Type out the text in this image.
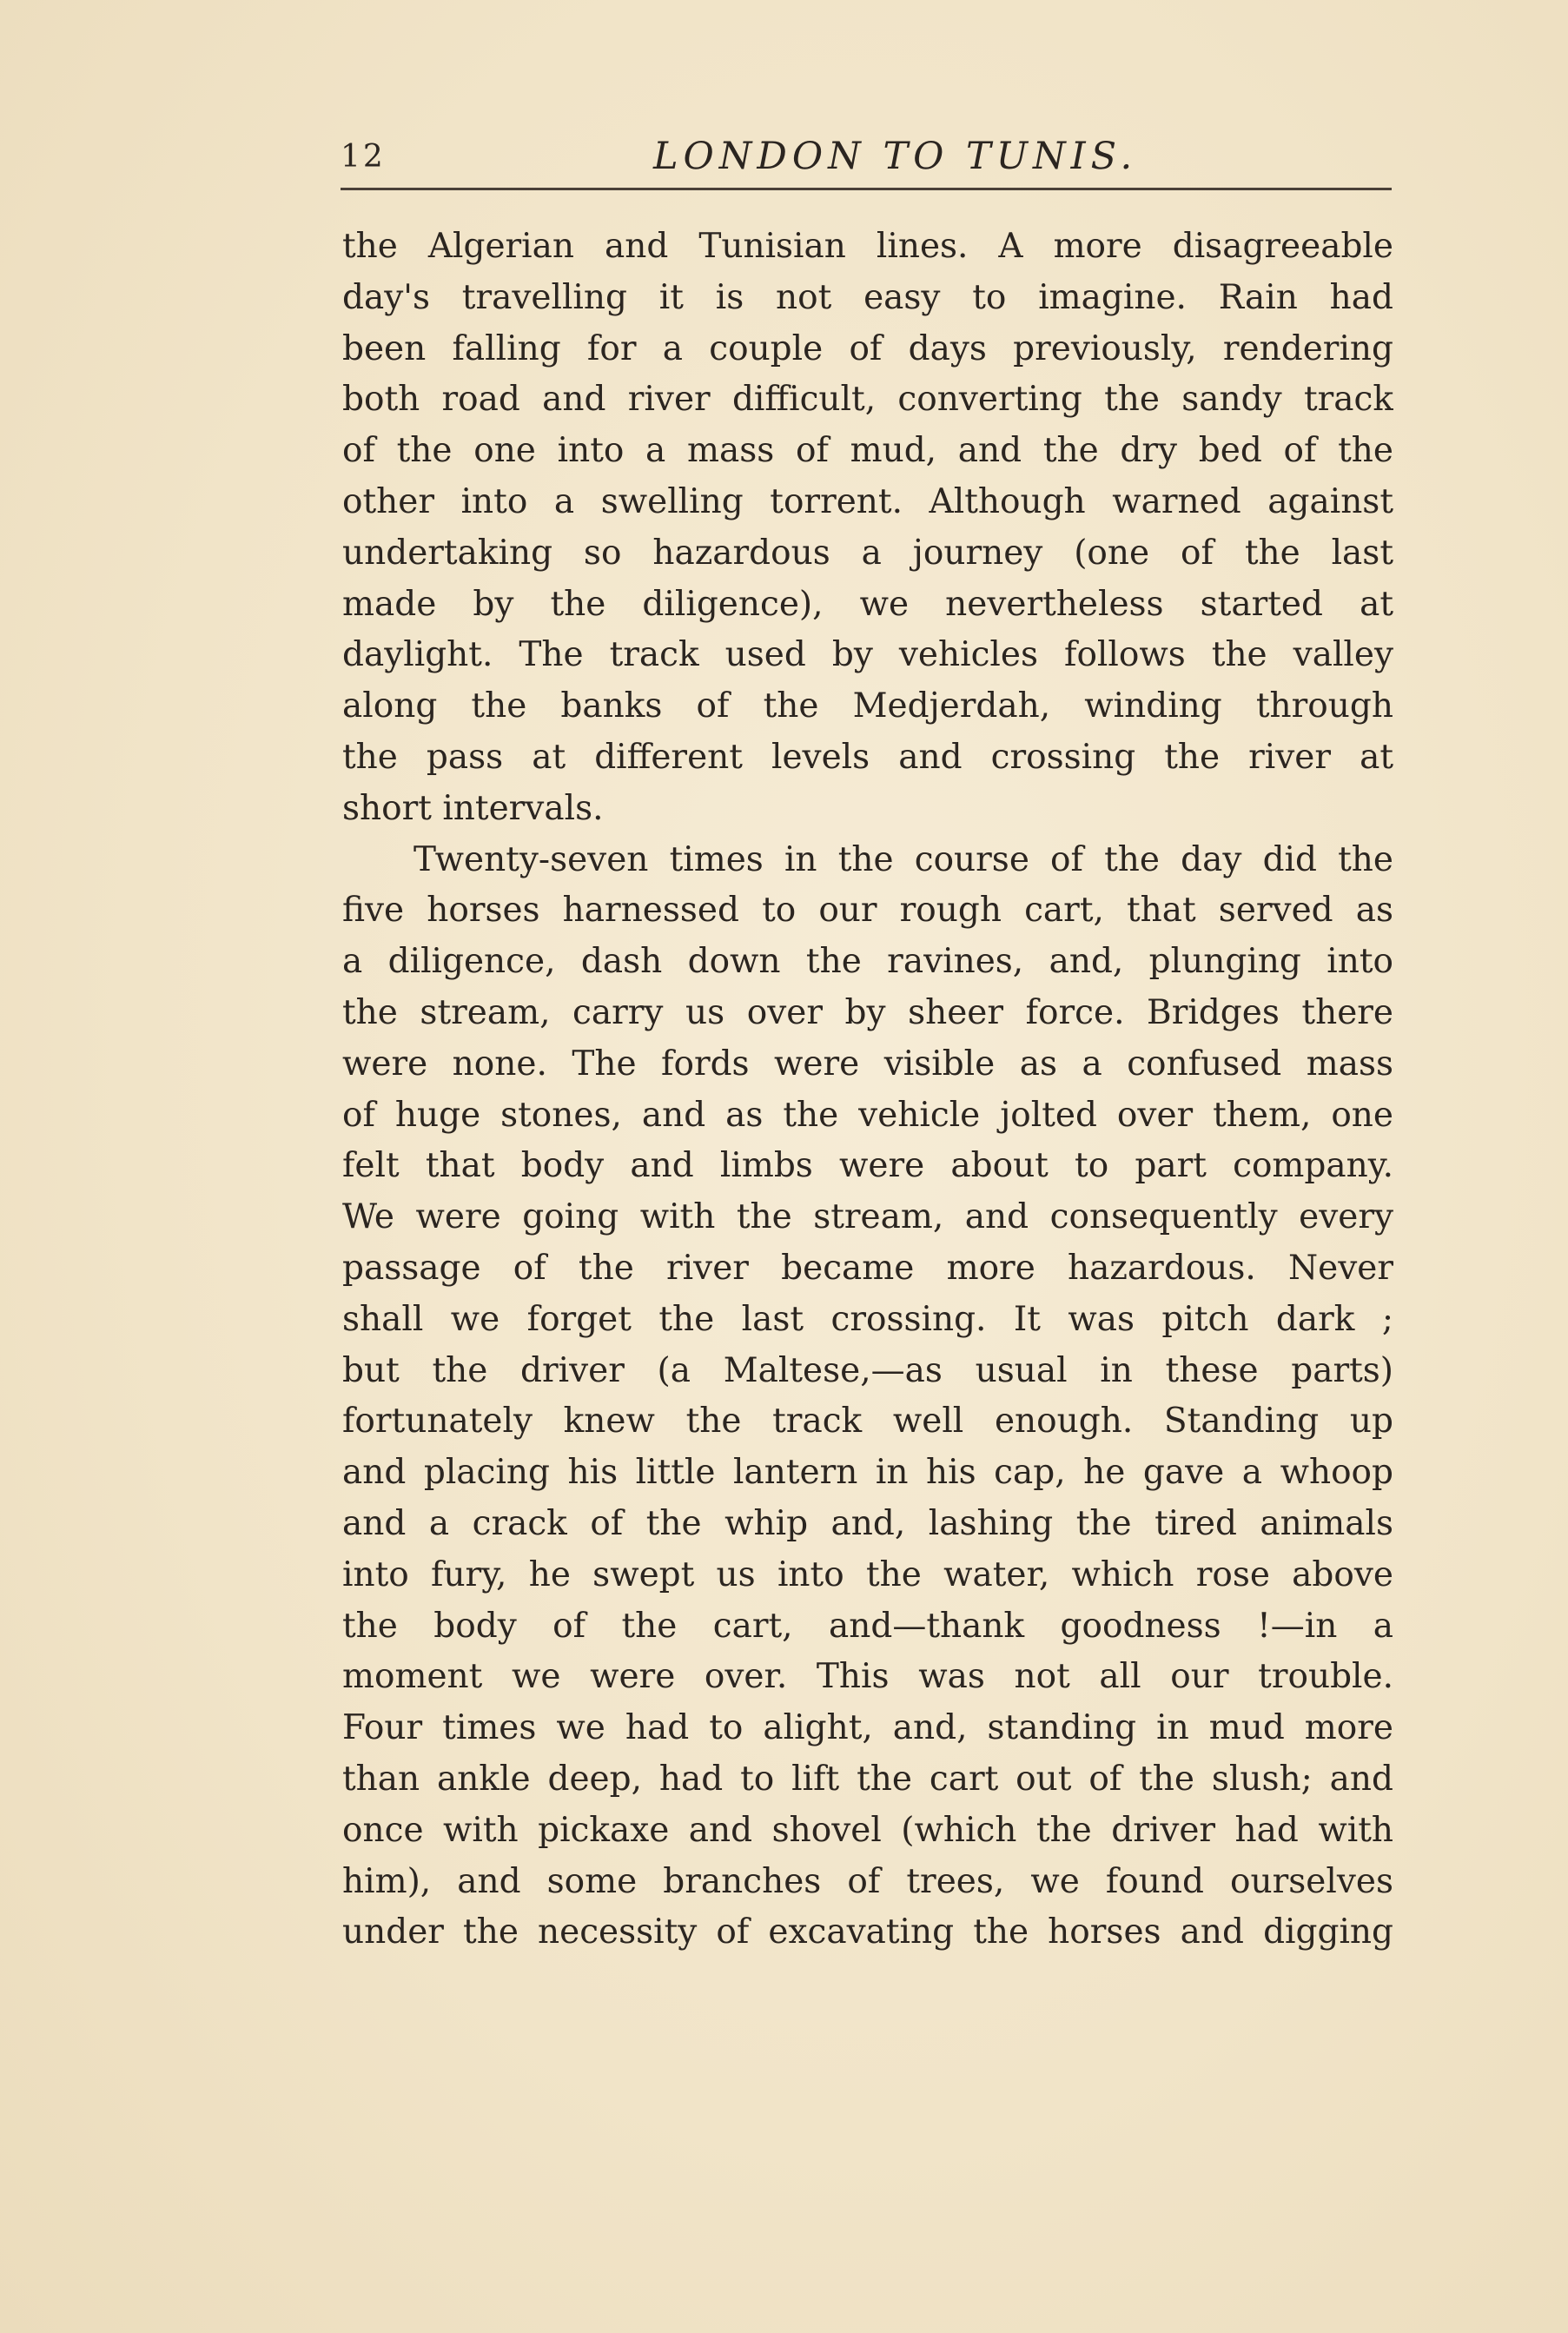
12	LONDON TO TUNIS.
the Algerian and Tunisian lines. A more disagreeable
day's travelling it is not easy to imagine. Rain had
been falling for a couple of days previously, rendering
both road and river difficult, converting the sandy track
of the one into a mass of mud, and the dry bed of the
other into a swelling torrent. Although warned against
undertaking so hazardous a journey (one of the last
made by the diligence), we nevertheless started at
daylight. The track used by vehicles follows the valley
along the banks of the Medjerdah, winding through
the pass at different levels and crossing the river at
short intervals.
Twenty-seven times in the course of the day did the
five horses harnessed to our rough cart, that served as
a diligence, dash down the ravines, and, plunging into
the stream, carry us over by sheer force. Bridges there
were none. The fords were visible as a confused mass
of huge stones, and as the vehicle jolted over them, one
felt that body and limbs were about to part company.
We were going with the stream, and consequently every
passage of the river became more hazardous. Never
shall we forget the last crossing. It was pitch dark ;
but the driver (a Maltese,—as usual in these parts)
fortunately knew the track well enough. Standing up
and placing his little lantern in his cap, he gave a whoop
and a crack of the whip and, lashing the tired animals
into fury, he swept us into the water, which rose above
the body of the cart, and—thank goodness !—in a
moment we were over. This was not all our trouble.
Four times we had to alight, and, standing in mud more
than ankle deep, had to lift the cart out of the slush; and
once with pickaxe and shovel (which the driver had with
him), and some branches of trees, we found ourselves
under the necessity of excavating the horses and digging
